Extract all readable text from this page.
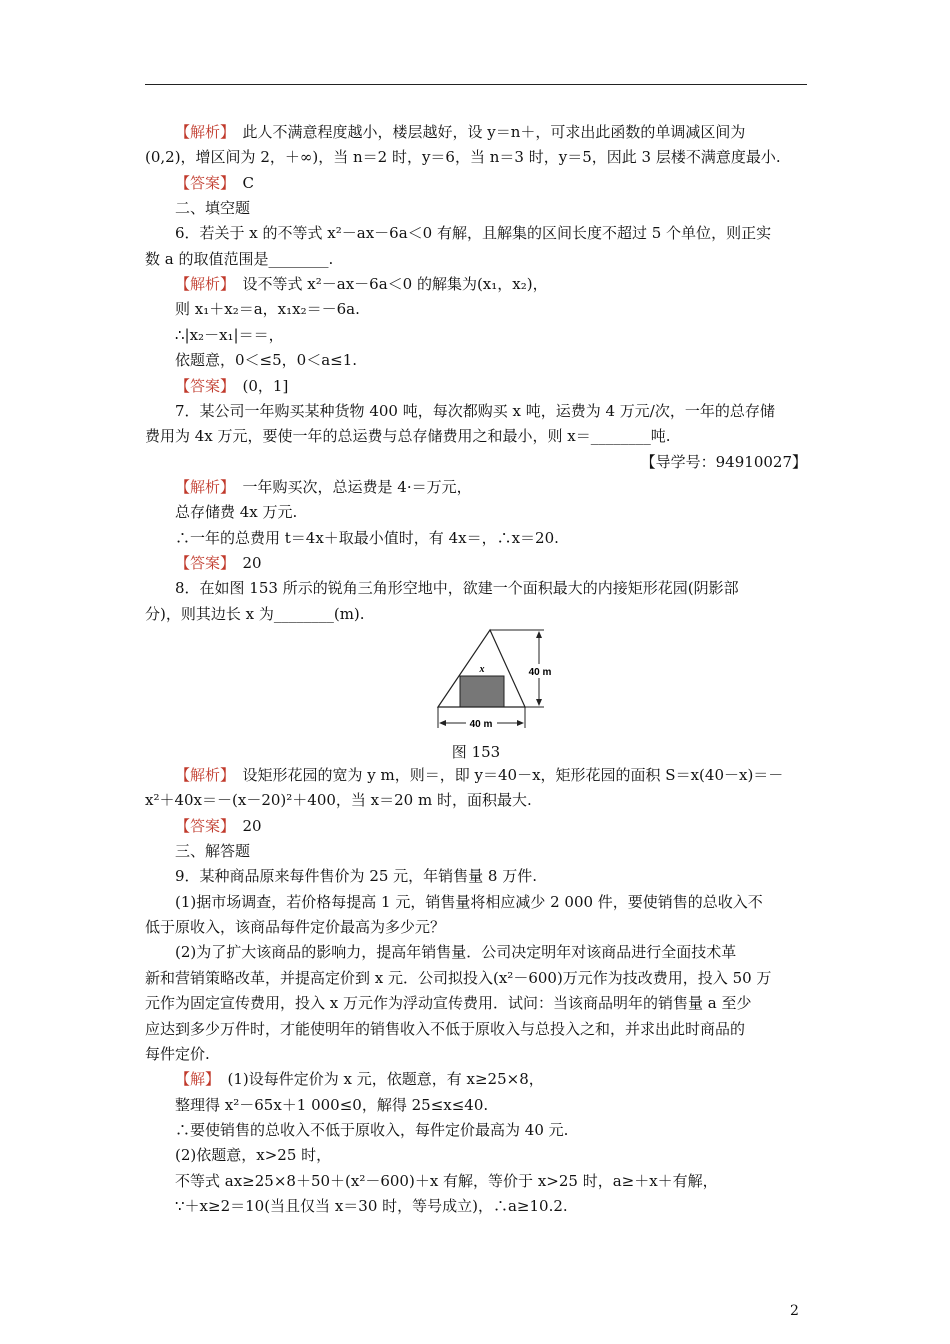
【解析】　此人不满意程度越小，楼层越好，设 y＝n＋，可求出此函数的单调减区间为
(0,2)，增区间为 2，＋∞)，当 n＝2 时，y＝6，当 n＝3 时，y＝5，因此 3 层楼不满意度最小.
【答案】　C
二、填空题
6．若关于 x 的不等式 x²－ax－6a＜0 有解，且解集的区间长度不超过 5 个单位，则正实
数 a 的取值范围是________.
【解析】　设不等式 x²－ax－6a＜0 的解集为(x₁，x₂)，
则 x₁＋x₂＝a，x₁x₂＝－6a.
∴|x₂－x₁|＝＝，
依题意，0＜≤5，0＜a≤1.
【答案】　(0，1]
7．某公司一年购买某种货物 400 吨，每次都购买 x 吨，运费为 4 万元/次，一年的总存储
费用为 4x 万元，要使一年的总运费与总存储费用之和最小，则 x＝________吨.
【导学号：94910027】
【解析】　一年购买次，总运费是 4·＝万元，
总存储费 4x 万元.
∴一年的总费用 t＝4x＋取最小值时，有 4x＝，∴x＝20.
【答案】　20
8．在如图 153 所示的锐角三角形空地中，欲建一个面积最大的内接矩形花园(阴影部
分)，则其边长 x 为________(m).
40 m
x
40 m
图 153
【解析】　设矩形花园的宽为 y m，则＝，即 y＝40－x，矩形花园的面积 S＝x(40－x)＝－
x²＋40x＝－(x－20)²＋400，当 x＝20 m 时，面积最大.
【答案】　20
三、解答题
9．某种商品原来每件售价为 25 元，年销售量 8 万件.
(1)据市场调查，若价格每提高 1 元，销售量将相应减少 2 000 件，要使销售的总收入不
低于原收入，该商品每件定价最高为多少元？
(2)为了扩大该商品的影响力，提高年销售量．公司决定明年对该商品进行全面技术革
新和营销策略改革，并提高定价到 x 元．公司拟投入(x²－600)万元作为技改费用，投入 50 万
元作为固定宣传费用，投入 x 万元作为浮动宣传费用．试问：当该商品明年的销售量 a 至少
应达到多少万件时，才能使明年的销售收入不低于原收入与总投入之和，并求出此时商品的
每件定价.
【解】　(1)设每件定价为 x 元，依题意，有 x≥25×8，
整理得 x²－65x＋1 000≤0，解得 25≤x≤40.
∴要使销售的总收入不低于原收入，每件定价最高为 40 元.
(2)依题意，x>25 时，
不等式 ax≥25×8＋50＋(x²－600)＋x 有解，等价于 x>25 时，a≥＋x＋有解，
∵＋x≥2＝10(当且仅当 x＝30 时，等号成立)，∴a≥10.2.
2
